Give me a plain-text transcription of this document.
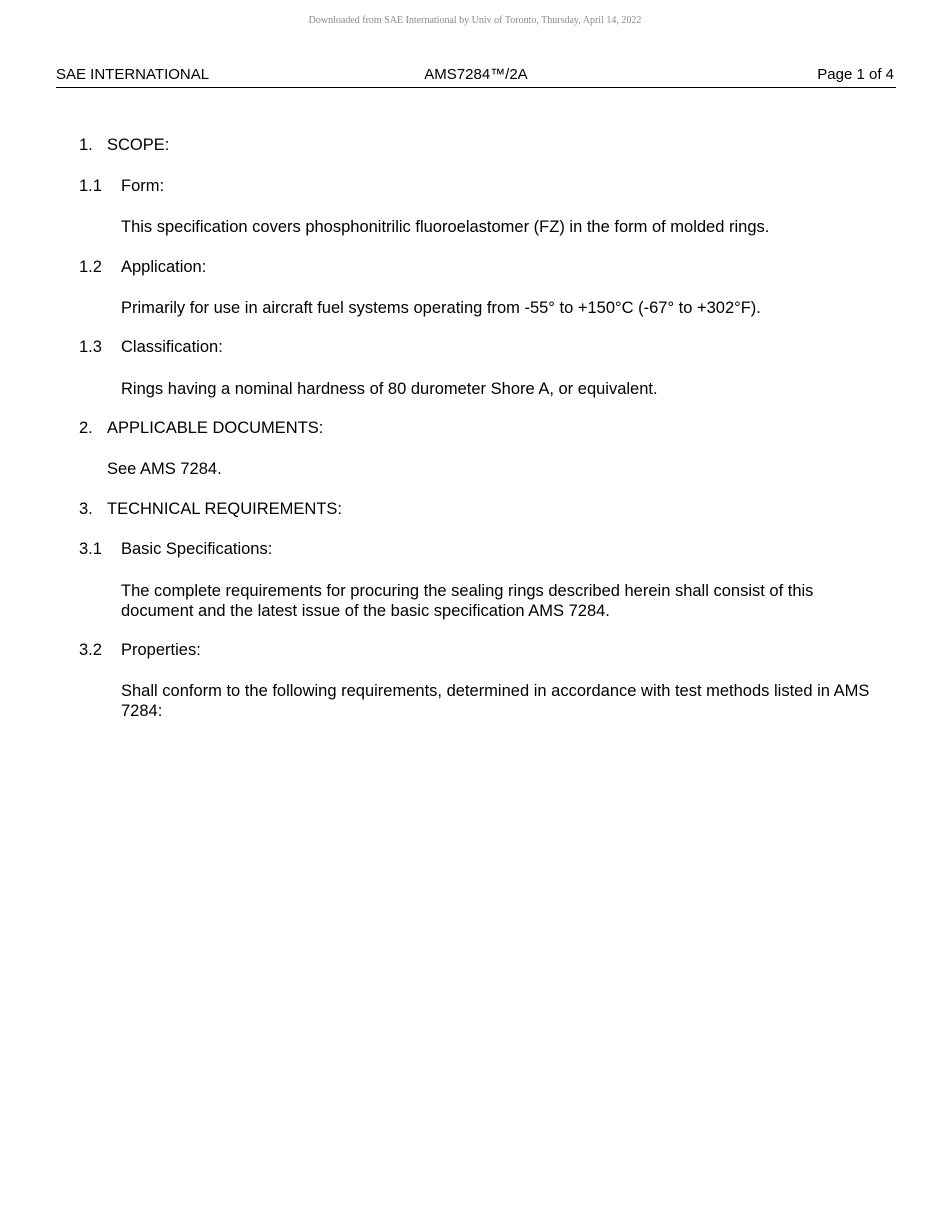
Downloaded from SAE International by Univ of Toronto, Thursday, April 14, 2022
SAE INTERNATIONAL	AMS7284™/2A	Page 1 of 4
1. SCOPE:
1.1 Form:
This specification covers phosphonitrilic fluoroelastomer (FZ) in the form of molded rings.
1.2 Application:
Primarily for use in aircraft fuel systems operating from -55° to +150°C (-67° to +302°F).
1.3 Classification:
Rings having a nominal hardness of 80 durometer Shore A, or equivalent.
2. APPLICABLE DOCUMENTS:
See AMS 7284.
3. TECHNICAL REQUIREMENTS:
3.1 Basic Specifications:
The complete requirements for procuring the sealing rings described herein shall consist of this document and the latest issue of the basic specification AMS 7284.
3.2 Properties:
Shall conform to the following requirements, determined in accordance with test methods listed in AMS 7284:
